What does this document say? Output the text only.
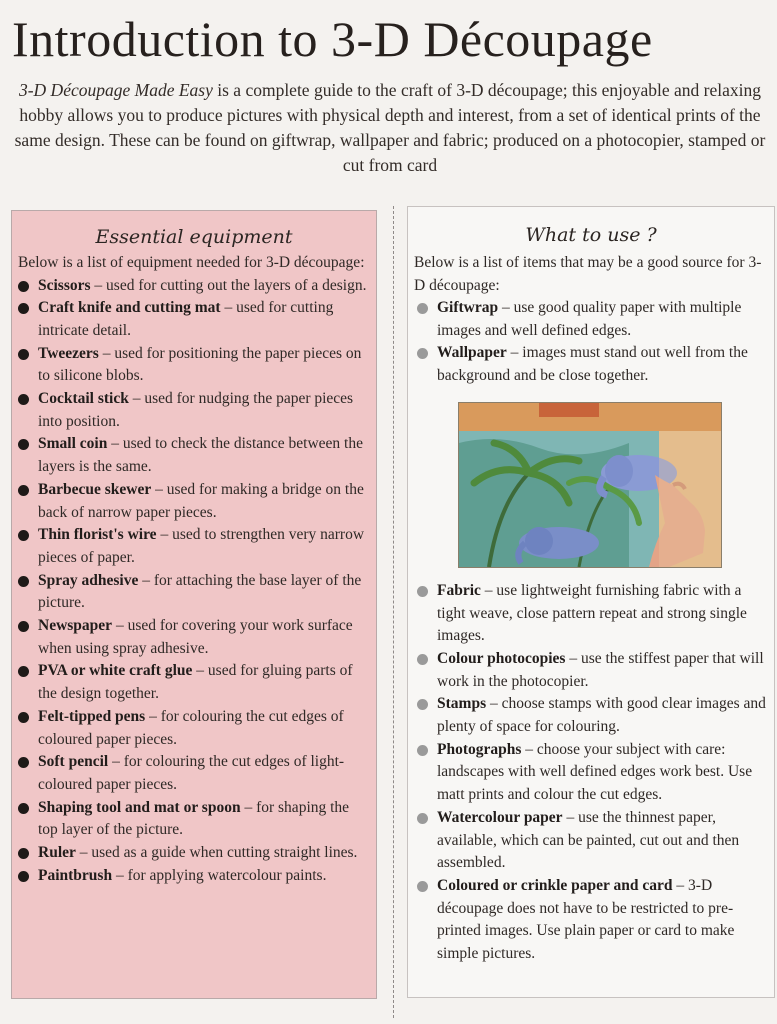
Introduction to 3-D Découpage
3-D Découpage Made Easy is a complete guide to the craft of 3-D découpage; this enjoyable and relaxing hobby allows you to produce pictures with physical depth and interest, from a set of identical prints of the same design. These can be found on giftwrap, wallpaper and fabric; produced on a photocopier, stamped or cut from card
Essential equipment
Below is a list of equipment needed for 3-D découpage:
Scissors – used for cutting out the layers of a design.
Craft knife and cutting mat – used for cutting intricate detail.
Tweezers – used for positioning the paper pieces on to silicone blobs.
Cocktail stick – used for nudging the paper pieces into position.
Small coin – used to check the distance between the layers is the same.
Barbecue skewer – used for making a bridge on the back of narrow paper pieces.
Thin florist's wire – used to strengthen very narrow pieces of paper.
Spray adhesive – for attaching the base layer of the picture.
Newspaper – used for covering your work surface when using spray adhesive.
PVA or white craft glue – used for gluing parts of the design together.
Felt-tipped pens – for colouring the cut edges of coloured paper pieces.
Soft pencil – for colouring the cut edges of light-coloured paper pieces.
Shaping tool and mat or spoon – for shaping the top layer of the picture.
Ruler – used as a guide when cutting straight lines.
Paintbrush – for applying watercolour paints.
What to use ?
Below is a list of items that may be a good source for 3-D découpage:
Giftwrap – use good quality paper with multiple images and well defined edges.
Wallpaper – images must stand out well from the background and be close together.
Fabric – use lightweight furnishing fabric with a tight weave, close pattern repeat and strong single images.
Colour photocopies – use the stiffest paper that will work in the photocopier.
Stamps – choose stamps with good clear images and plenty of space for colouring.
Photographs – choose your subject with care: landscapes with well defined edges work best. Use matt prints and colour the cut edges.
Watercolour paper – use the thinnest paper, available, which can be painted, cut out and then assembled.
Coloured or crinkle paper and card – 3-D découpage does not have to be restricted to pre-printed images. Use plain paper or card to make simple pictures.
